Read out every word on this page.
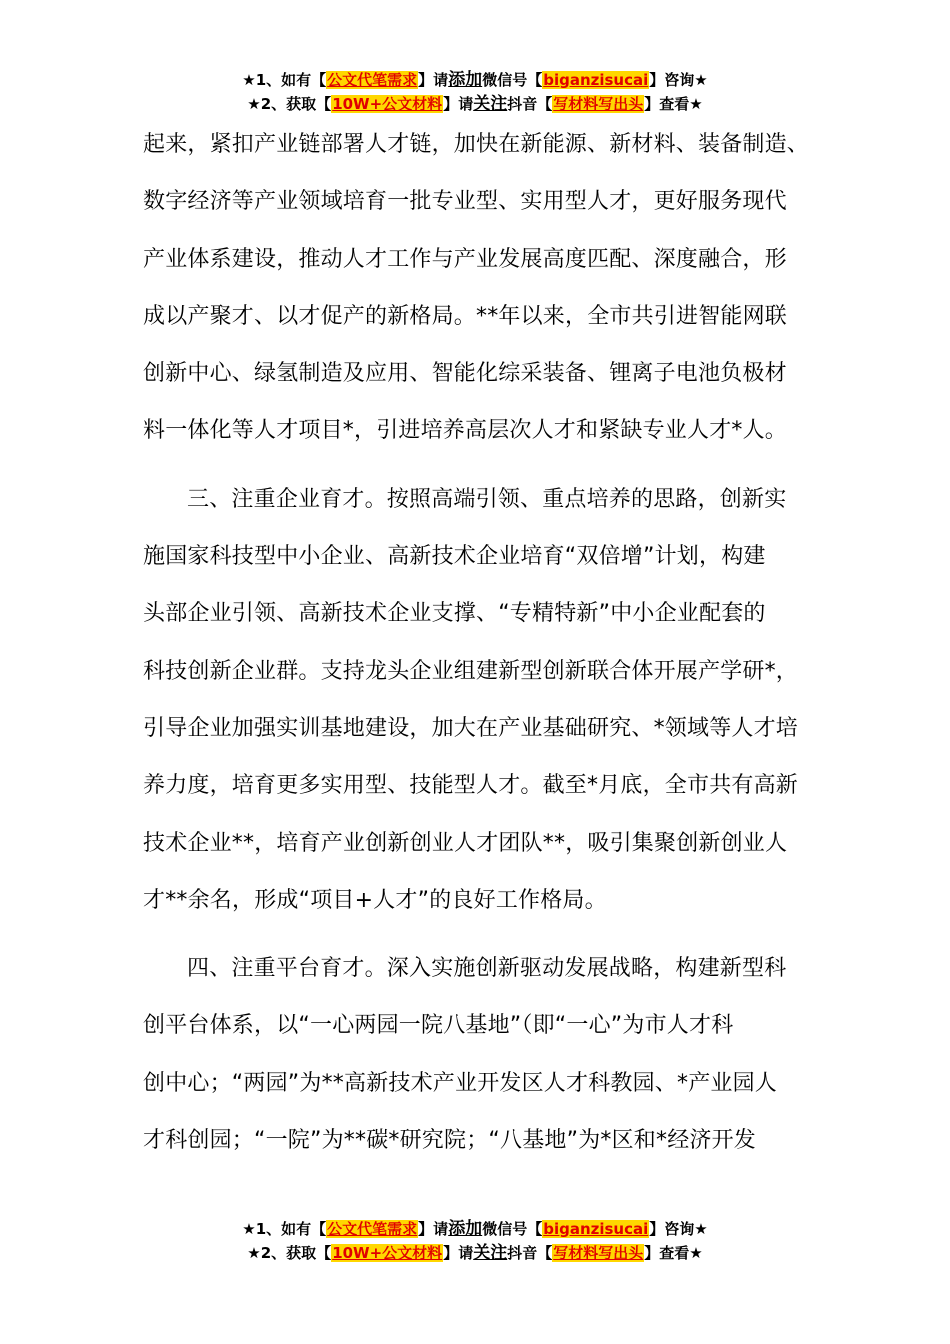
★1、如有【公文代笔需求】请添加微信号【biganzisucai】咨询★
★2、获取【10W+公文材料】请关注抖音【写材料写出头】查看★
起来，紧扣产业链部署人才链，加快在新能源、新材料、装备制造、
数字经济等产业领域培育一批专业型、实用型人才，更好服务现代
产业体系建设，推动人才工作与产业发展高度匹配、深度融合，形
成以产聚才、以才促产的新格局。**年以来，全市共引进智能网联
创新中心、绿氢制造及应用、智能化综采装备、锂离子电池负极材
料一体化等人才项目*，引进培养高层次人才和紧缺专业人才*人。
三、注重企业育才。按照高端引领、重点培养的思路，创新实
施国家科技型中小企业、高新技术企业培育“双倍增”计划，构建
头部企业引领、高新技术企业支撑、“专精特新”中小企业配套的
科技创新企业群。支持龙头企业组建新型创新联合体开展产学研*，
引导企业加强实训基地建设，加大在产业基础研究、*领域等人才培
养力度，培育更多实用型、技能型人才。截至*月底，全市共有高新
技术企业**，培育产业创新创业人才团队**，吸引集聚创新创业人
才**余名，形成“项目+人才”的良好工作格局。
四、注重平台育才。深入实施创新驱动发展战略，构建新型科
创平台体系，以“一心两园一院八基地”（即“一心”为市人才科
创中心；“两园”为**高新技术产业开发区人才科教园、*产业园人
才科创园；“一院”为**碳*研究院；“八基地”为*区和*经济开发
★1、如有【公文代笔需求】请添加微信号【biganzisucai】咨询★
★2、获取【10W+公文材料】请关注抖音【写材料写出头】查看★
